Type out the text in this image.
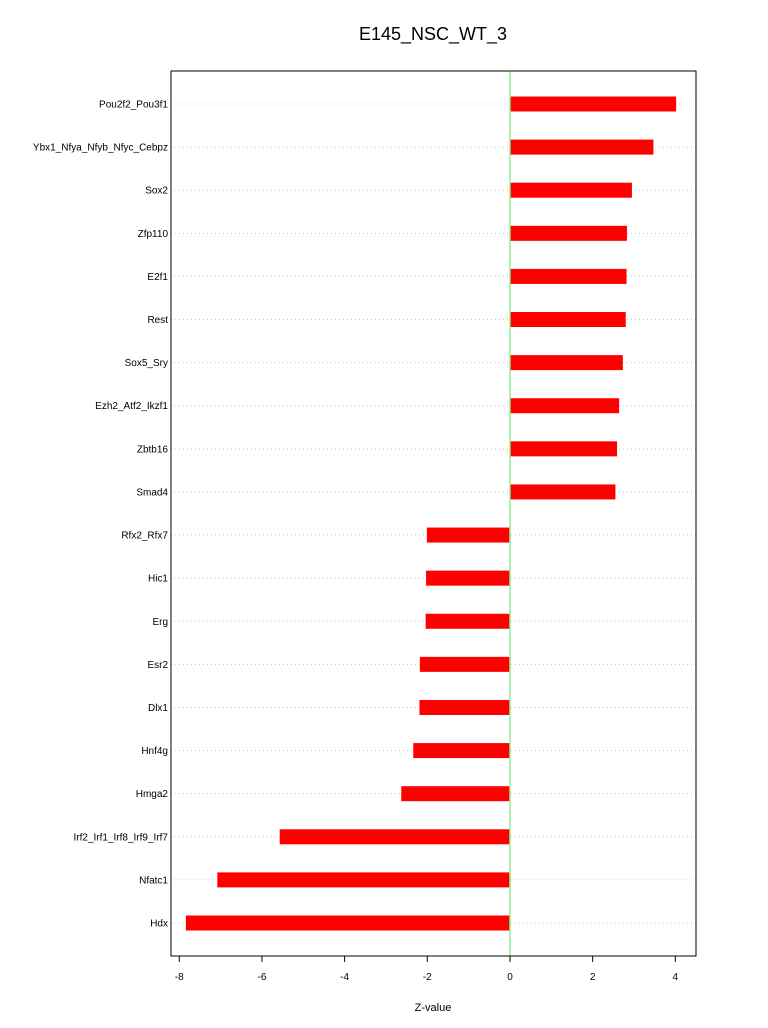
E145_NSC_WT_3
Pou2f2_Pou3f1
Ybx1_Nfya_Nfyb_Nfyc_Cebpz
Sox2
Zfp110
E2f1
Rest
Sox5_Sry
Ezh2_Atf2_Ikzf1
Zbtb16
Smad4
Rfx2_Rfx7
Hic1
Erg
Esr2
Dlx1
Hnf4g
Hmga2
Irf2_Irf1_Irf8_Irf9_Irf7
Nfatc1
Hdx
-8	-6	-4	-2	0	2	4
Z-value
